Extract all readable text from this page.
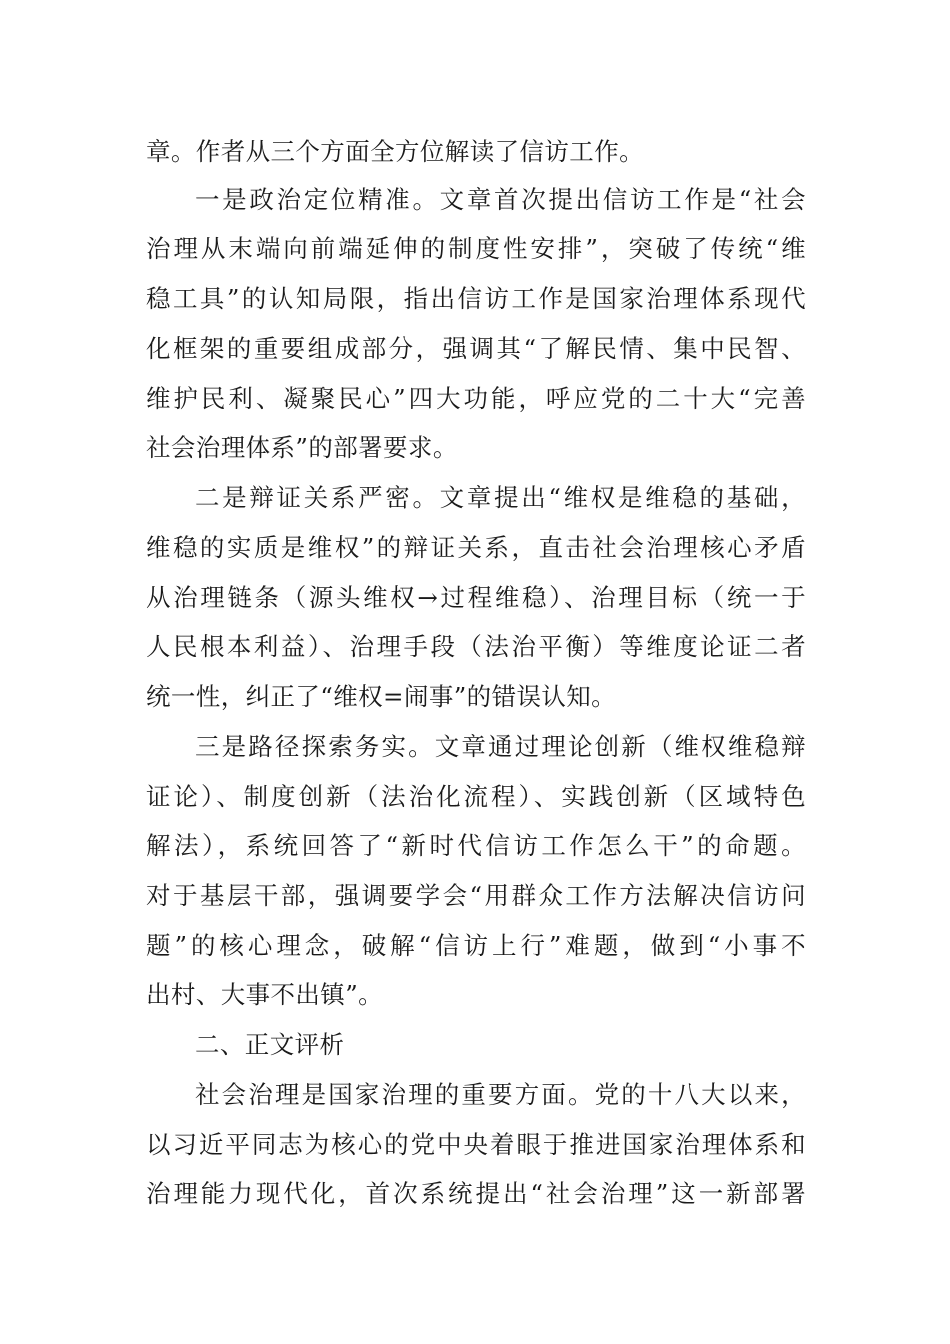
章。作者从三个方面全方位解读了信访工作。
一是政治定位精准。文章首次提出信访工作是“社会
治理从末端向前端延伸的制度性安排”，突破了传统“维
稳工具”的认知局限，指出信访工作是国家治理体系现代
化框架的重要组成部分，强调其“了解民情、集中民智、
维护民利、凝聚民心”四大功能，呼应党的二十大“完善
社会治理体系”的部署要求。
二是辩证关系严密。文章提出“维权是维稳的基础，
维稳的实质是维权”的辩证关系，直击社会治理核心矛盾
从治理链条（源头维权→过程维稳）、治理目标（统一于
人民根本利益）、治理手段（法治平衡）等维度论证二者
统一性，纠正了“维权=闹事”的错误认知。
三是路径探索务实。文章通过理论创新（维权维稳辩
证论）、制度创新（法治化流程）、实践创新（区域特色
解法），系统回答了“新时代信访工作怎么干”的命题。
对于基层干部，强调要学会“用群众工作方法解决信访问
题”的核心理念，破解“信访上行”难题，做到“小事不
出村、大事不出镇”。
二、正文评析
社会治理是国家治理的重要方面。党的十八大以来，
以习近平同志为核心的党中央着眼于推进国家治理体系和
治理能力现代化，首次系统提出“社会治理”这一新部署
